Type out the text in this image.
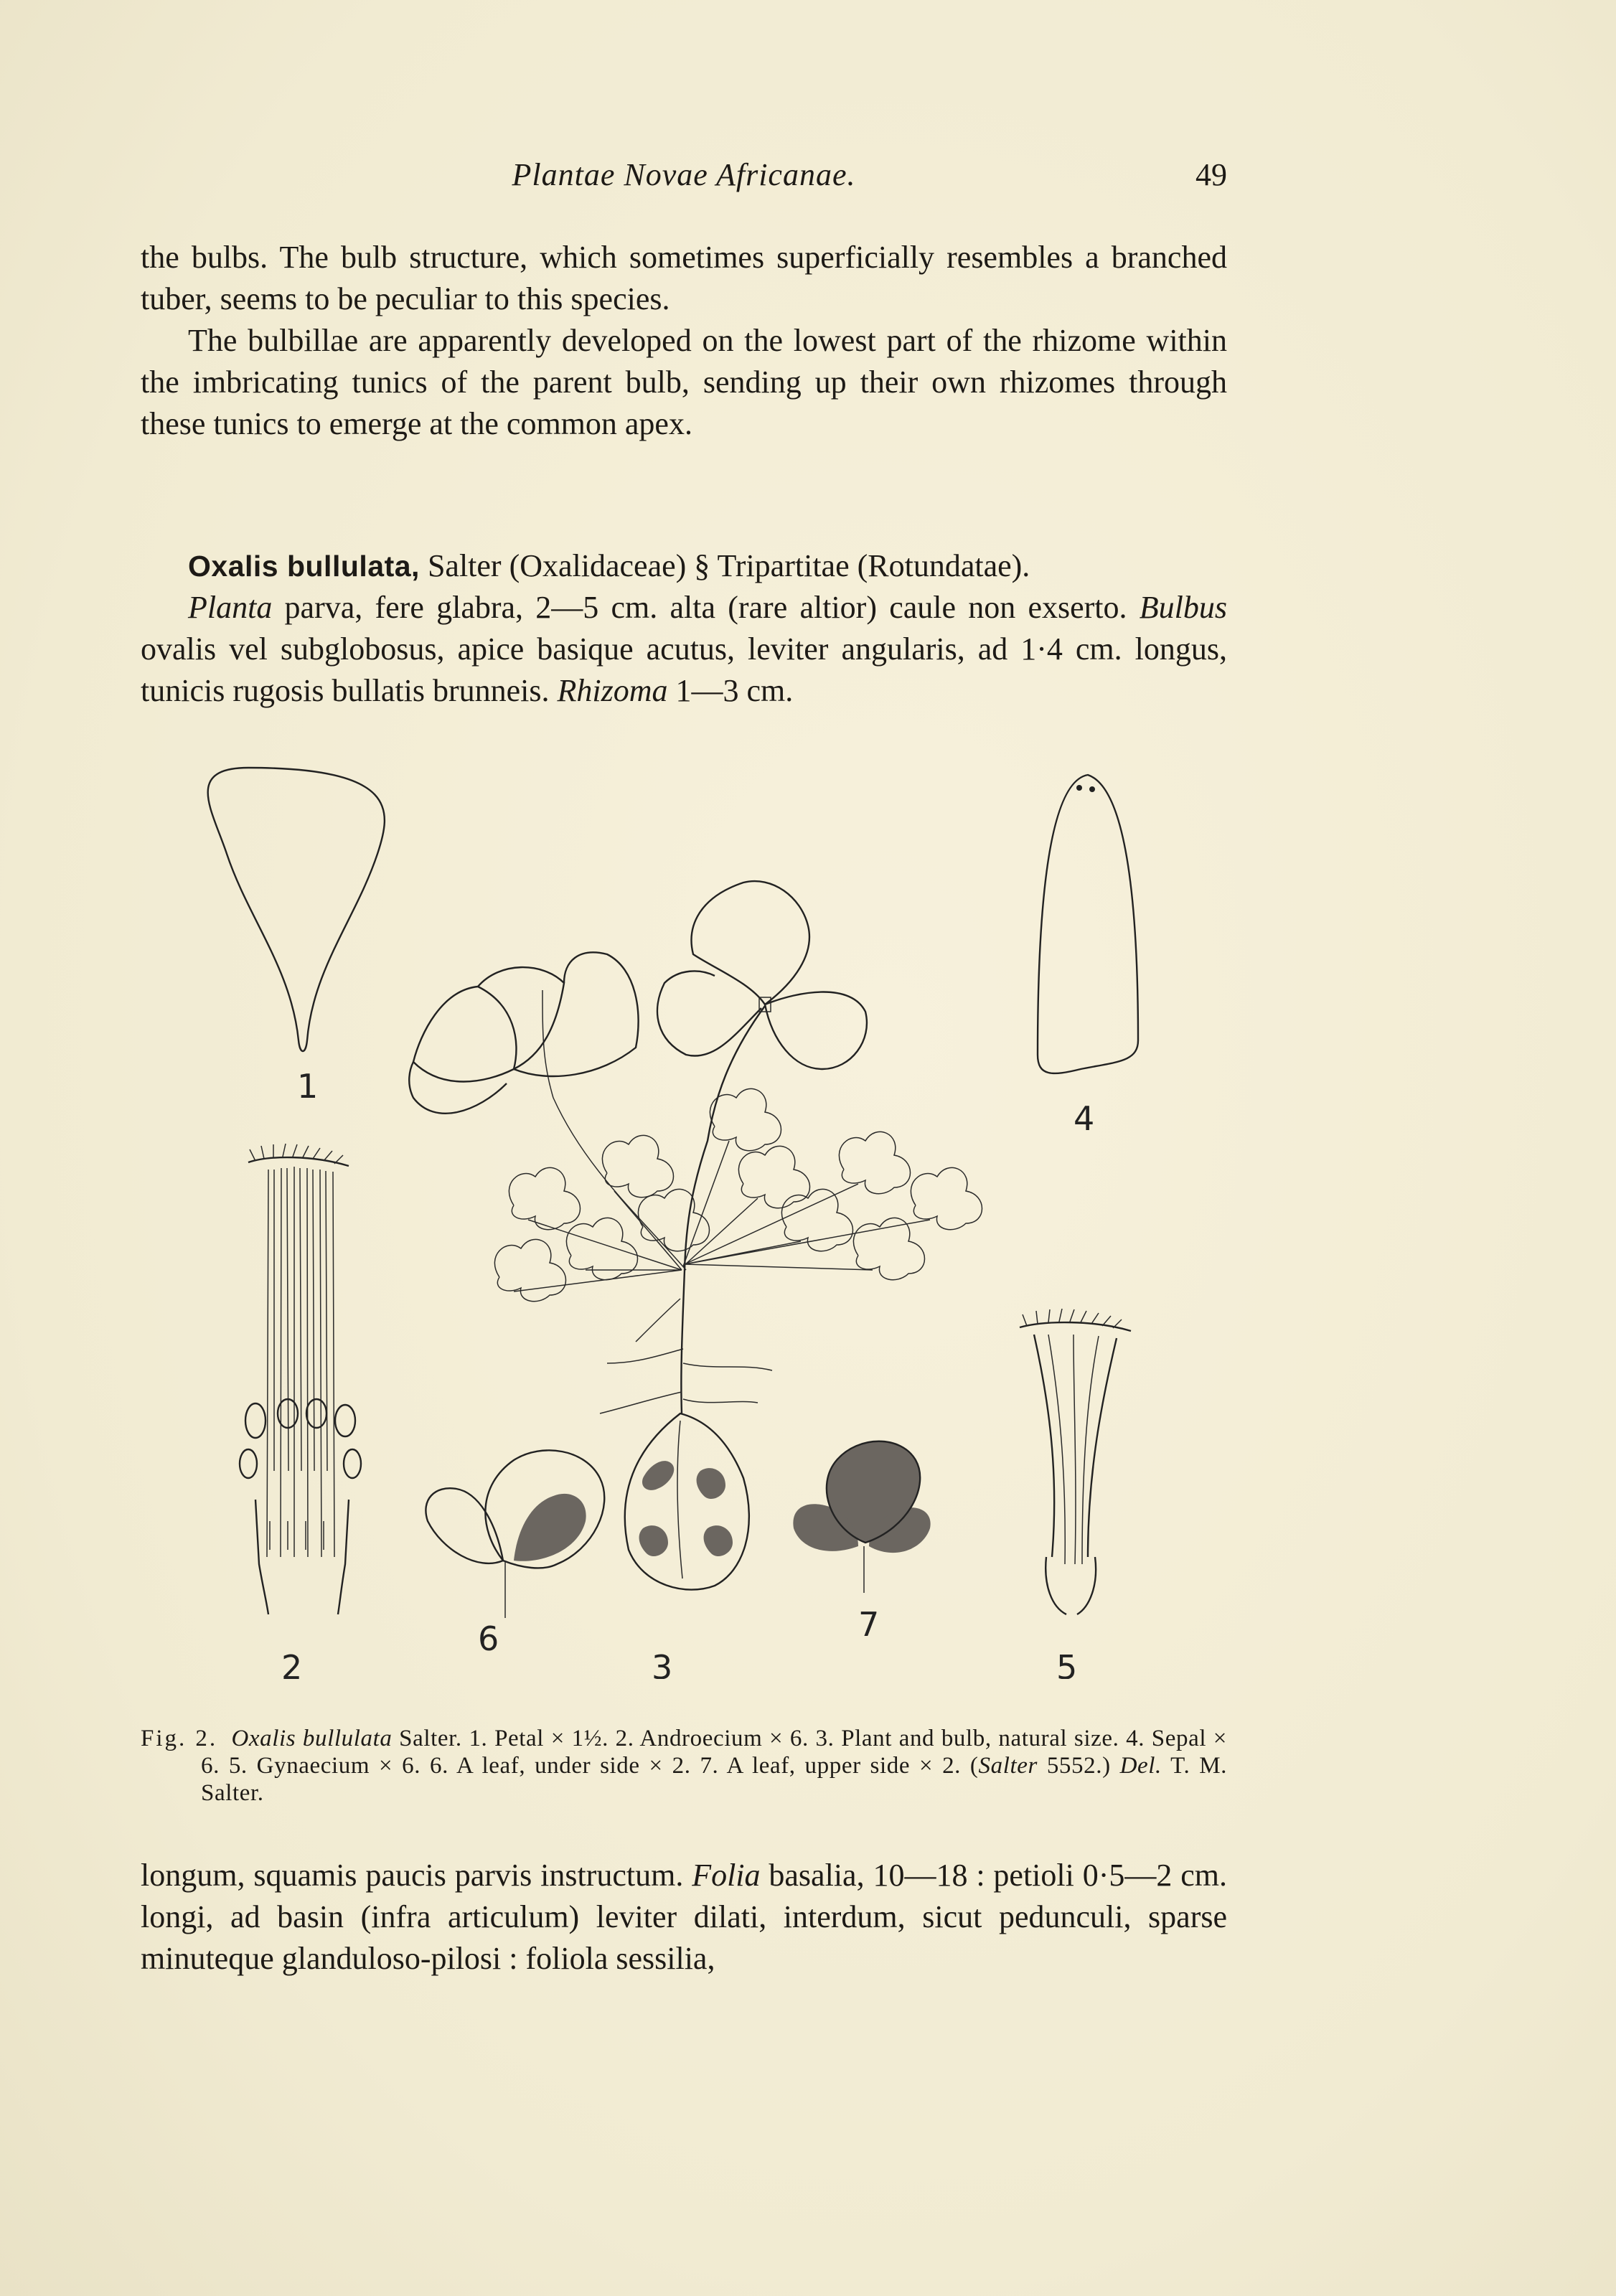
Plantae Novae Africanae.	49

the bulbs. The bulb structure, which sometimes superficially resembles a branched tuber, seems to be peculiar to this species.

The bulbillae are apparently developed on the lowest part of the rhizome within the imbricating tunics of the parent bulb, sending up their own rhizomes through these tunics to emerge at the common apex.

Oxalis bullulata, Salter (Oxalidaceae) § Tripartitae (Rotundatae).

Planta parva, fere glabra, 2—5 cm. alta (rare altior) caule non exserto. Bulbus ovalis vel subglobosus, apice basique acutus, leviter angularis, ad 1·4 cm. longus, tunicis rugosis bullatis brunneis. Rhizoma 1—3 cm.

1
4
2	3
6	7
5

Fig. 2. Oxalis bullulata Salter. 1. Petal × 1½. 2. Androecium × 6. 3. Plant and bulb, natural size. 4. Sepal × 6. 5. Gynaecium × 6. 6. A leaf, under side × 2. 7. A leaf, upper side × 2. (Salter 5552.) Del. T. M. Salter.

longum, squamis paucis parvis instructum. Folia basalia, 10—18 : petioli 0·5—2 cm. longi, ad basin (infra articulum) leviter dilati, interdum, sicut pedunculi, sparse minuteque glanduloso-pilosi : foliola sessilia,
